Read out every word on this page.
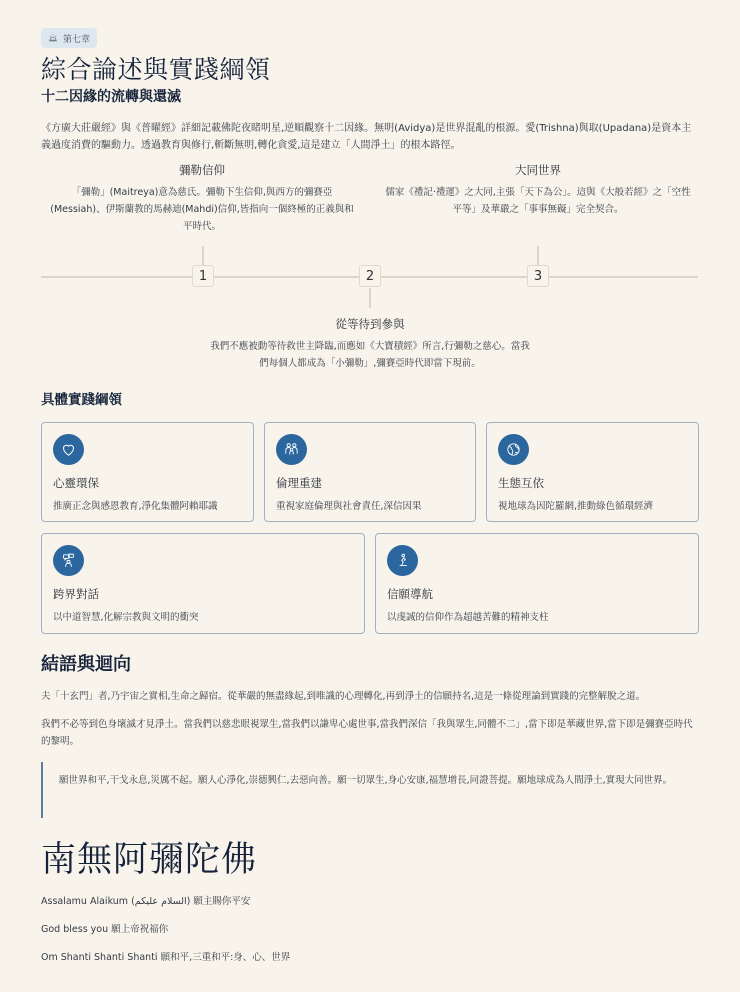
第七章
綜合論述與實踐綱領
十二因緣的流轉與還滅

《方廣大莊嚴經》與《普曜經》詳細記載佛陀夜睹明星,逆順觀察十二因緣。無明(Avidya)是世界混亂的根源。愛(Trishna)與取(Upadana)是資本主義過度消費的驅動力。透過教育與修行,斬斷無明,轉化貪愛,這是建立「人間淨土」的根本路徑。

彌勒信仰

「彌勒」(Maitreya)意為慈氏。彌勒下生信仰,與西方的彌賽亞(Messiah)、伊斯蘭教的馬赫迪(Mahdi)信仰,皆指向一個終極的正義與和平時代。

大同世界

儒家《禮記·禮運》之大同,主張「天下為公」。這與《大般若經》之「空性平等」及華嚴之「事事無礙」完全契合。

1	2	3
從等待到參與

我們不應被動等待救世主降臨,而應如《大寶積經》所言,行彌勒之慈心。當我們每個人都成為「小彌勒」,彌賽亞時代即當下現前。

具體實踐綱領
心靈環保

推廣正念與感恩教育,淨化集體阿賴耶識

倫理重建

重視家庭倫理與社會責任,深信因果

生態互依

視地球為因陀羅網,推動綠色循環經濟

跨界對話

以中道智慧,化解宗教與文明的衝突

信願導航

以虔誠的信仰作為超越苦難的精神支柱

結語與迴向

夫「十玄門」者,乃宇宙之實相,生命之歸宿。從華嚴的無盡緣起,到唯識的心理轉化,再到淨土的信願持名,這是一條從理論到實踐的完整解脫之道。

我們不必等到色身壞滅才見淨土。當我們以慈悲眼視眾生,當我們以謙卑心處世事,當我們深信「我與眾生,同體不二」,當下即是華藏世界,當下即是彌賽亞時代的黎明。

願世界和平,干戈永息,災厲不起。願人心淨化,崇德興仁,去惡向善。願一切眾生,身心安康,福慧增長,同證菩提。願地球成為人間淨土,實現大同世界。
南無阿彌陀佛

Assalamu Alaikum (السلام عليكم) 願主賜你平安

God bless you 願上帝祝福你

Om Shanti Shanti Shanti 願和平,三重和平:身、心、世界
